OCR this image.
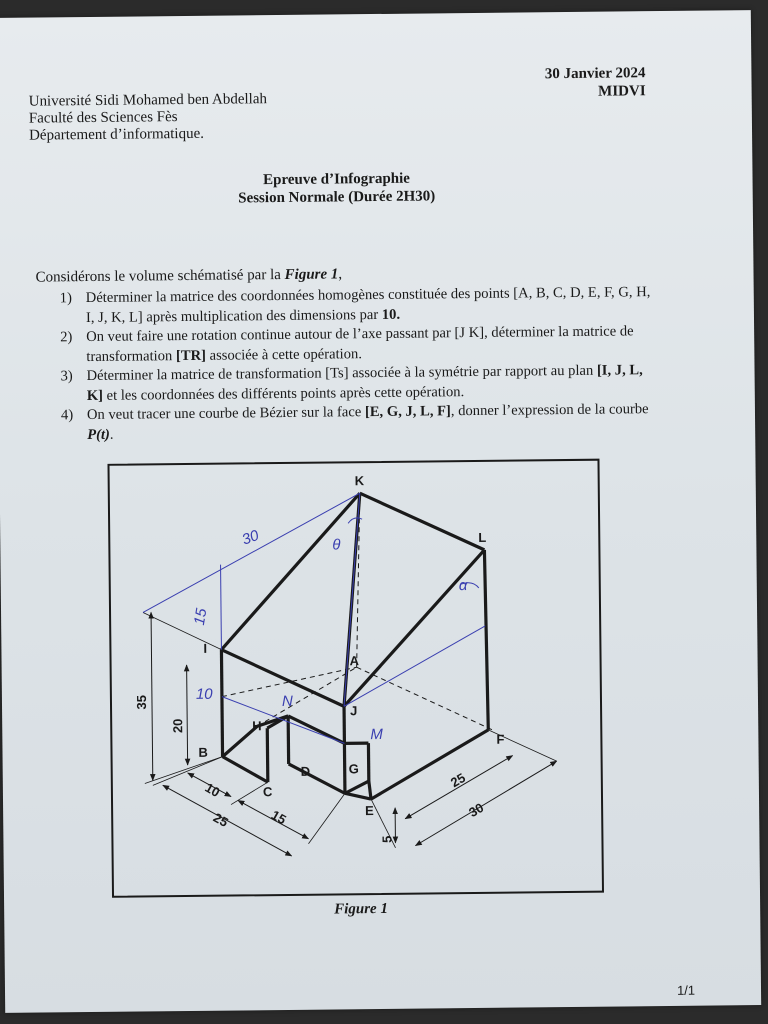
Université Sidi Mohamed ben Abdellah
Faculté des Sciences Fès
Département d’informatique.
30 Janvier 2024
MIDVI
Epreuve d’Infographie
Session Normale (Durée 2H30)
Considérons le volume schématisé par la Figure 1,
1) Déterminer la matrice des coordonnées homogènes constituée des points [A, B, C, D, E, F, G, H, I, J, K, L] après multiplication des dimensions par 10.
2) On veut faire une rotation continue autour de l’axe passant par [J K], déterminer la matrice de transformation [TR] associée à cette opération.
3) Déterminer la matrice de transformation [Ts] associée à la symétrie par rapport au plan [I, J, L, K] et les coordonnées des différents points après cette opération.
4) On veut tracer une courbe de Bézier sur la face [E, G, J, L, F], donner l’expression de la courbe P(t).
K
L
I
A
J
H
B
C
D	G
E
F
35
20
10
15
25
5
25
30
30
15
10
θ
α
N
M
Figure 1
1/1
